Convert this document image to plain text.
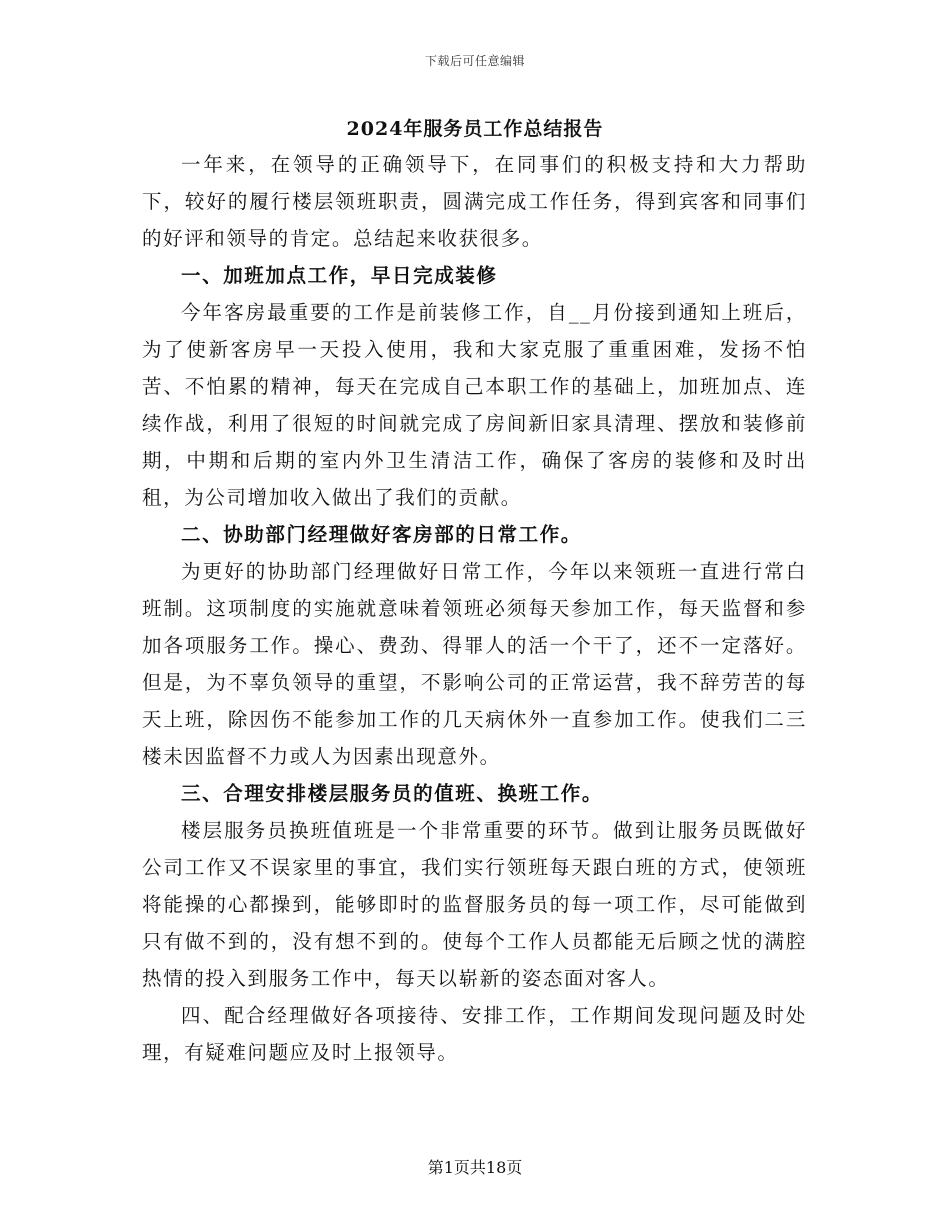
下载后可任意编辑
2024年服务员工作总结报告

一年来，在领导的正确领导下，在同事们的积极支持和大力帮助下，较好的履行楼层领班职责，圆满完成工作任务，得到宾客和同事们的好评和领导的肯定。总结起来收获很多。

一、加班加点工作，早日完成装修

今年客房最重要的工作是前装修工作，自__月份接到通知上班后，为了使新客房早一天投入使用，我和大家克服了重重困难，发扬不怕苦、不怕累的精神，每天在完成自己本职工作的基础上，加班加点、连续作战，利用了很短的时间就完成了房间新旧家具清理、摆放和装修前期，中期和后期的室内外卫生清洁工作，确保了客房的装修和及时出租，为公司增加收入做出了我们的贡献。

二、协助部门经理做好客房部的日常工作。

为更好的协助部门经理做好日常工作，今年以来领班一直进行常白班制。这项制度的实施就意味着领班必须每天参加工作，每天监督和参加各项服务工作。操心、费劲、得罪人的活一个干了，还不一定落好。但是，为不辜负领导的重望，不影响公司的正常运营，我不辞劳苦的每天上班，除因伤不能参加工作的几天病休外一直参加工作。使我们二三楼未因监督不力或人为因素出现意外。

三、合理安排楼层服务员的值班、换班工作。

楼层服务员换班值班是一个非常重要的环节。做到让服务员既做好公司工作又不误家里的事宜，我们实行领班每天跟白班的方式，使领班将能操的心都操到，能够即时的监督服务员的每一项工作，尽可能做到只有做不到的，没有想不到的。使每个工作人员都能无后顾之忧的满腔热情的投入到服务工作中，每天以崭新的姿态面对客人。

四、配合经理做好各项接待、安排工作，工作期间发现问题及时处理，有疑难问题应及时上报领导。

第1页共18页
